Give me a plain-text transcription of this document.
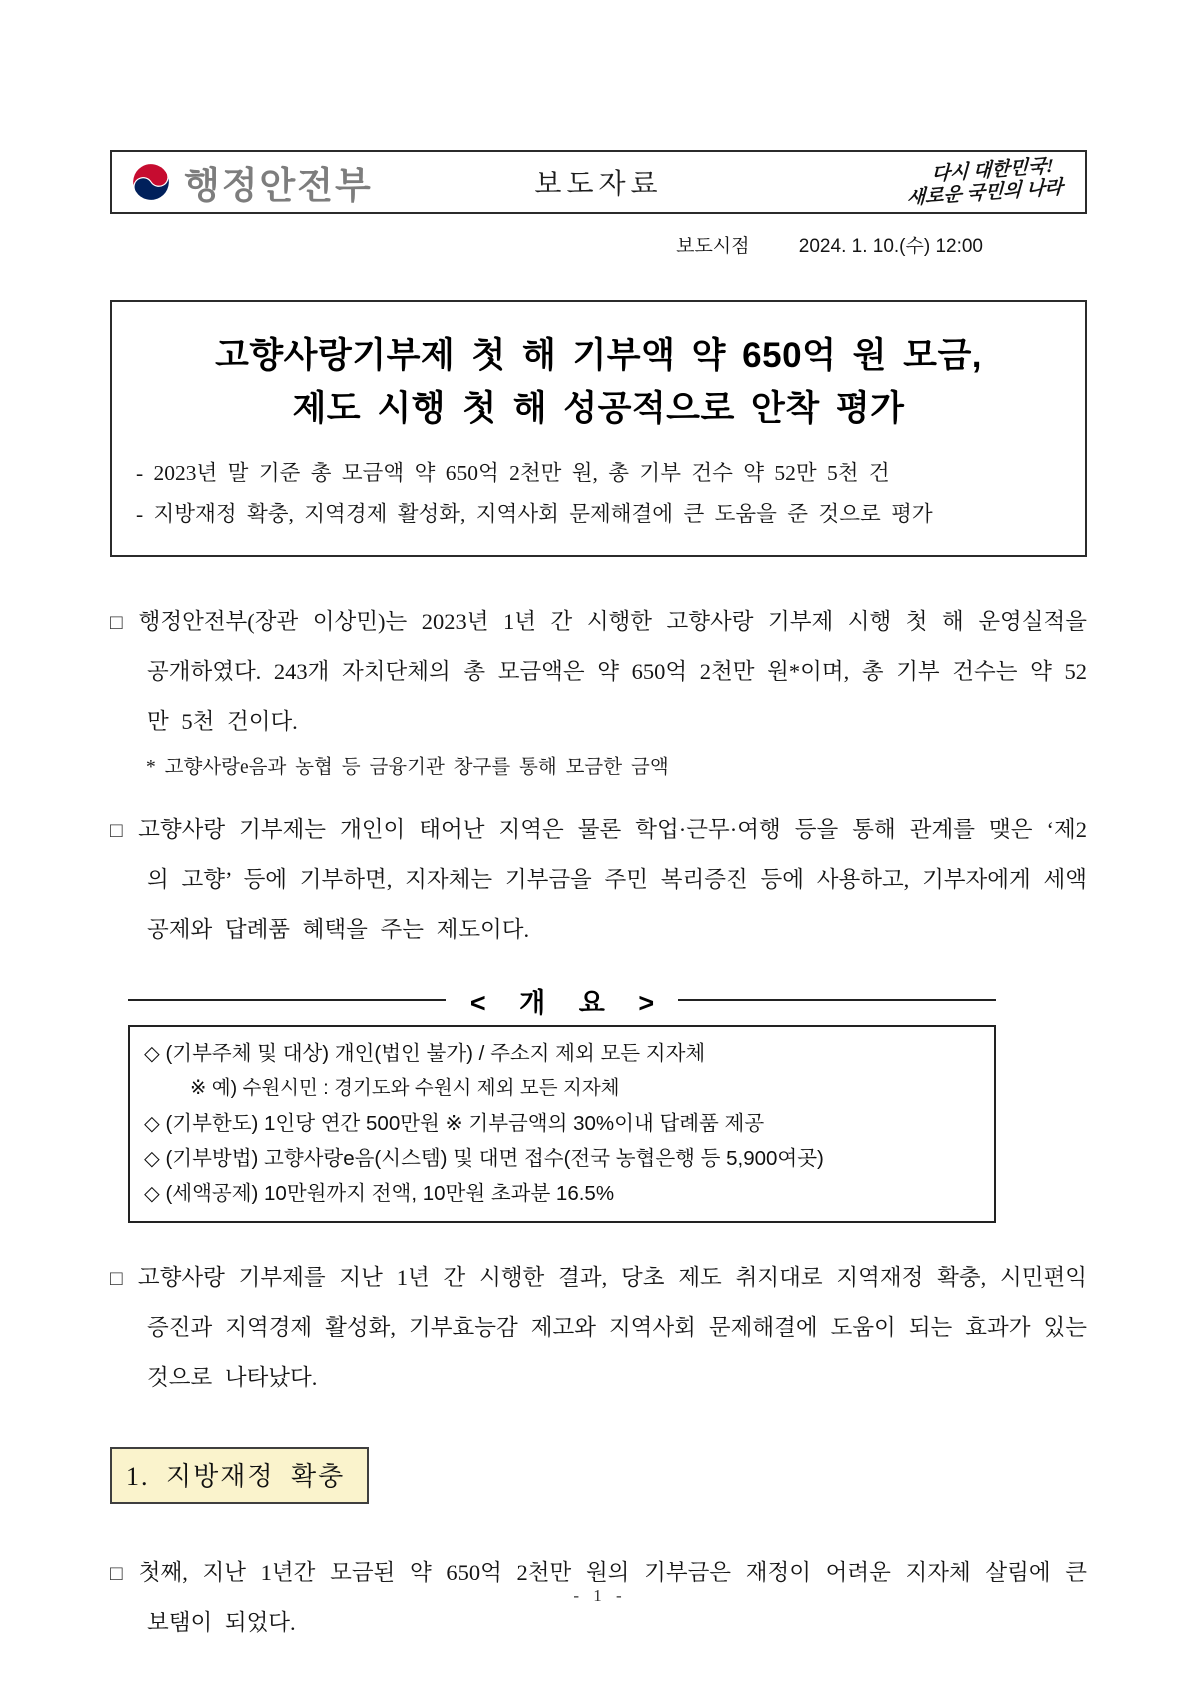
행정안전부	보도자료	다시 대한민국!
새로운 국민의 나라
보도시점	2024. 1. 10.(수) 12:00
고향사랑기부제 첫 해 기부액 약 650억 원 모금,
제도 시행 첫 해 성공적으로 안착 평가
- 2023년 말 기준 총 모금액 약 650억 2천만 원, 총 기부 건수 약 52만 5천 건
- 지방재정 확충, 지역경제 활성화, 지역사회 문제해결에 큰 도움을 준 것으로 평가

□ 행정안전부(장관 이상민)는 2023년 1년 간 시행한 고향사랑 기부제 시행 첫 해 운영실적을 공개하였다. 243개 자치단체의 총 모금액은 약 650억 2천만 원*이며, 총 기부 건수는 약 52만 5천 건이다.

* 고향사랑e음과 농협 등 금융기관 창구를 통해 모금한 금액

□ 고향사랑 기부제는 개인이 태어난 지역은 물론 학업·근무·여행 등을 통해 관계를 맺은 ‘제2의 고향’ 등에 기부하면, 지자체는 기부금을 주민 복리증진 등에 사용하고, 기부자에게 세액공제와 답례품 혜택을 주는 제도이다.

< 개 요 >
◇ (기부주체 및 대상) 개인(법인 불가) / 주소지 제외 모든 지자체
※ 예) 수원시민 : 경기도와 수원시 제외 모든 지자체
◇ (기부한도) 1인당 연간 500만원 ※ 기부금액의 30%이내 답례품 제공
◇ (기부방법) 고향사랑e음(시스템) 및 대면 접수(전국 농협은행 등 5,900여곳)
◇ (세액공제) 10만원까지 전액, 10만원 초과분 16.5%

□ 고향사랑 기부제를 지난 1년 간 시행한 결과, 당초 제도 취지대로 지역재정 확충, 시민편익 증진과 지역경제 활성화, 기부효능감 제고와 지역사회 문제해결에 도움이 되는 효과가 있는 것으로 나타났다.

1. 지방재정 확충

□ 첫째, 지난 1년간 모금된 약 650억 2천만 원의 기부금은 재정이 어려운 지자체 살림에 큰 보탬이 되었다.

- 1 -
